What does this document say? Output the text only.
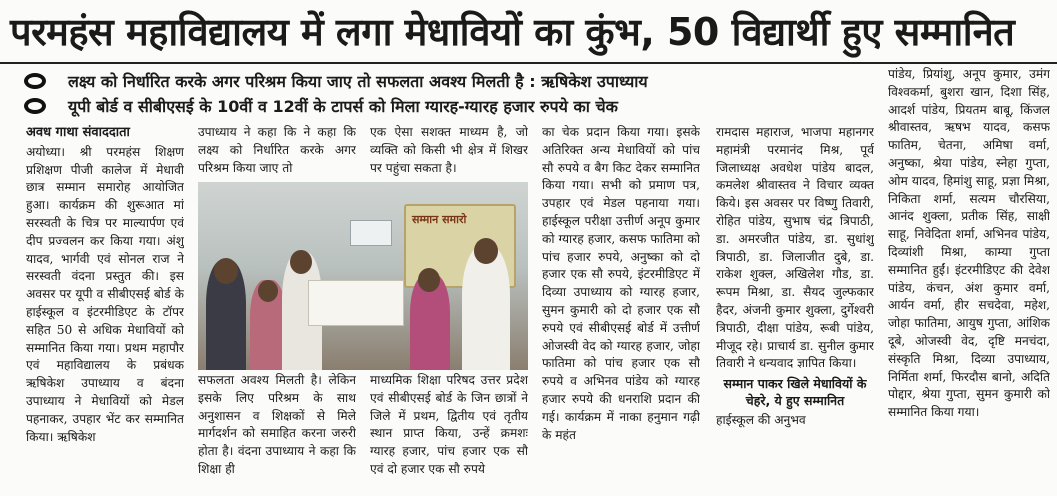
परमहंस महाविद्यालय में लगा मेधावियों का कुंभ, 50 विद्यार्थी हुए सम्मानित
लक्ष्य को निर्धारित करके अगर परिश्रम किया जाए तो सफलता अवश्य मिलती है : ऋषिकेश उपाध्याय
यूपी बोर्ड व सीबीएसई के 10वीं व 12वीं के टापर्स को मिला ग्यारह-ग्यारह हजार रुपये का चेक
अवध गाथा संवाददाता

अयोध्या। श्री परमहंस शिक्षण प्रशिक्षण पीजी कालेज में मेधावी छात्र सम्मान समारोह आयोजित हुआ। कार्यक्रम की शुरूआत मां सरस्वती के चित्र पर माल्यार्पण एवं दीप प्रज्वलन कर किया गया। अंशु यादव, भार्गवी एवं सोनल राज ने सरस्वती वंदना प्रस्तुत की। इस अवसर पर यूपी व सीबीएसई बोर्ड के हाईस्कूल व इंटरमीडिएट के टॉपर सहित 50 से अधिक मेधावियों को सम्मानित किया गया। प्रथम महापौर एवं महाविद्यालय के प्रबंधक ऋषिकेश उपाध्याय व बंदना उपाध्याय ने मेधावियों को मेडल पहनाकर, उपहार भेंट कर सम्मानित किया। ऋषिकेश

उपाध्याय ने कहा कि ने कहा कि लक्ष्य को निर्धारित करके अगर परिश्रम किया जाए तो

एक ऐसा सशक्त माध्यम है, जो व्यक्ति को किसी भी क्षेत्र में शिखर पर पहुंचा सकता है।

सम्मान समारो

सफलता अवश्य मिलती है। लेकिन इसके लिए परिश्रम के साथ अनुशासन व शिक्षकों से मिले मार्गदर्शन को समाहित करना जरुरी होता है। वंदना उपाध्याय ने कहा कि शिक्षा ही

माध्यमिक शिक्षा परिषद उत्तर प्रदेश एवं सीबीएसई बोर्ड के जिन छात्रों ने जिले में प्रथम, द्वितीय एवं तृतीय स्थान प्राप्त किया, उन्हें क्रमशः ग्यारह हजार, पांच हजार एक सौ एवं दो हजार एक सौ रुपये

का चेक प्रदान किया गया। इसके अतिरिक्त अन्य मेधावियों को पांच सौ रुपये व बैग किट देकर सम्मानित किया गया। सभी को प्रमाण पत्र, उपहार एवं मेडल पहनाया गया। हाईस्कूल परीक्षा उत्तीर्ण अनूप कुमार को ग्यारह हजार, कसफ फातिमा को पांच हजार रुपये, अनुष्का को दो हजार एक सौ रुपये, इंटरमीडिएट में दिव्या उपाध्याय को ग्यारह हजार, सुमन कुमारी को दो हजार एक सौ रुपये एवं सीबीएसई बोर्ड में उत्तीर्ण ओजस्वी वेद को ग्यारह हजार, जोहा फातिमा को पांच हजार एक सौ रुपये व अभिनव पांडेय को ग्यारह हजार रुपये की धनराशि प्रदान की गई। कार्यक्रम में नाका हनुमान गढ़ी के महंत

रामदास महाराज, भाजपा महानगर महामंत्री परमानंद मिश्र, पूर्व जिलाध्यक्ष अवधेश पांडेय बादल, कमलेश श्रीवास्तव ने विचार व्यक्त किये। इस अवसर पर विष्णु तिवारी, रोहित पांडेय, सुभाष चंद्र त्रिपाठी, डा. अमरजीत पांडेय, डा. सुधांशु त्रिपाठी, डा. जिलाजीत दुबे, डा. राकेश शुक्ल, अखिलेश गौड, डा. रूपम मिश्रा, डा. सैयद जुल्फकार हैदर, अंजनी कुमार शुक्ला, दुर्गेश्वरी त्रिपाठी, दीक्षा पांडेय, रूबी पांडेय, मीजूद रहे। प्राचार्य डा. सुनील कुमार तिवारी ने धन्यवाद ज्ञापित किया।

सम्मान पाकर खिले मेधावियों के चेहरे, ये हुए सम्मानित

हाईस्कूल की अनुभव

पांडेय, प्रियांशु, अनूप कुमार, उमंग विश्वकर्मा, बुशरा खान, दिशा सिंह, आदर्श पांडेय, प्रियतम बाबू, किंजल श्रीवास्तव, ऋषभ यादव, कसफ फातिम, चेतना, अमिषा वर्मा, अनुष्का, श्रेया पांडेय, स्नेहा गुप्ता, ओम यादव, हिमांशु साहू, प्रज्ञा मिश्रा, निकिता शर्मा, सत्यम चौरसिया, आनंद शुक्ला, प्रतीक सिंह, साक्षी साहू, निवेदिता शर्मा, अभिनव पांडेय, दिव्यांशी मिश्रा, काम्या गुप्ता सम्मानित हुईं। इंटरमीडिएट की देवेश पांडेय, कंचन, अंश कुमार वर्मा, आर्यन वर्मा, हीर सचदेवा, महेश, जोहा फातिमा, आयुष गुप्ता, आंशिक दूबे, ओजस्वी वेद, दृष्टि मनचंदा, संस्कृति मिश्रा, दिव्या उपाध्याय, निर्मिता शर्मा, फिरदौस बानो, अदिति पोद्दार, श्रेया गुप्ता, सुमन कुमारी को सम्मानित किया गया।
